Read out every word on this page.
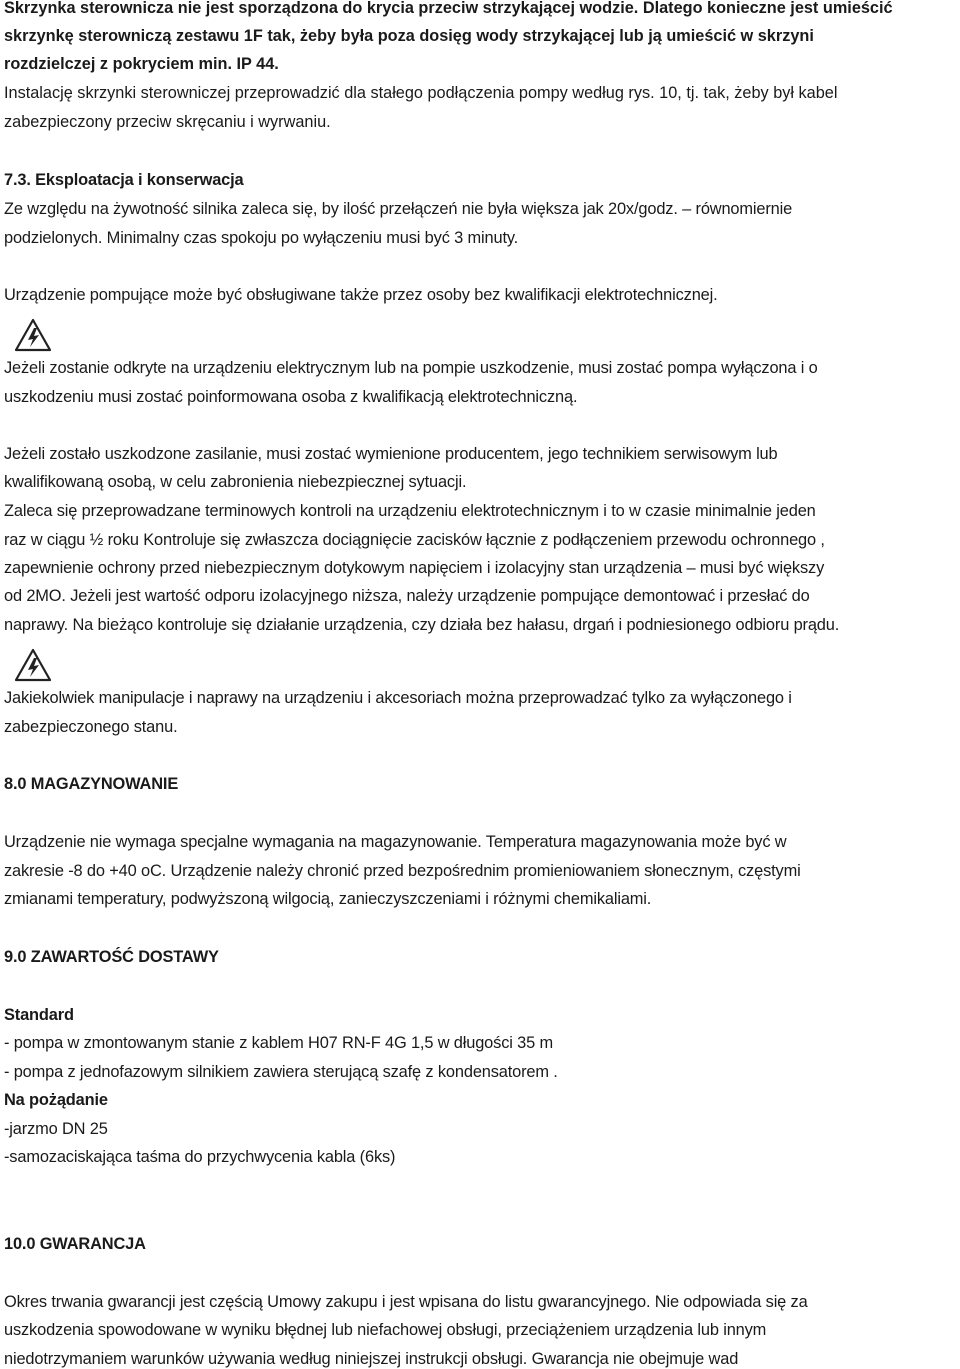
Skrzynka sterownicza nie jest sporządzona do krycia przeciw strzykającej wodzie. Dlatego konieczne jest umieścić
skrzynkę sterowniczą zestawu 1F tak, żeby była poza dosięg wody strzykającej lub ją umieścić w skrzyni
rozdzielczej z pokryciem min. IP 44.
Instalację skrzynki sterowniczej przeprowadzić dla stałego podłączenia pompy według rys. 10, tj. tak, żeby był kabel
zabezpieczony przeciw skręcaniu i wyrwaniu.
7.3. Eksploatacja i konserwacja
Ze względu na żywotność silnika zaleca się, by ilość przełączeń nie była większa jak 20x/godz. – równomiernie
podzielonych. Minimalny czas spokoju po wyłączeniu musi być 3 minuty.
Urządzenie pompujące może być obsługiwane także przez osoby bez kwalifikacji elektrotechnicznej.
Jeżeli zostanie odkryte na urządzeniu elektrycznym lub na pompie uszkodzenie, musi zostać pompa wyłączona i o
uszkodzeniu musi zostać poinformowana osoba z kwalifikacją elektrotechniczną.
Jeżeli zostało uszkodzone zasilanie, musi zostać wymienione producentem, jego technikiem serwisowym lub
kwalifikowaną osobą, w celu zabronienia niebezpiecznej sytuacji.
Zaleca się przeprowadzane terminowych kontroli na urządzeniu elektrotechnicznym i to w czasie minimalnie jeden
raz w ciągu ½ roku Kontroluje się zwłaszcza dociągnięcie zacisków łącznie z podłączeniem przewodu ochronnego ,
zapewnienie ochrony przed niebezpiecznym dotykowym napięciem i izolacyjny stan urządzenia – musi być większy
od 2MO. Jeżeli jest wartość odporu izolacyjnego niższa, należy urządzenie pompujące demontować i przesłać do
naprawy. Na bieżąco kontroluje się działanie urządzenia, czy działa bez hałasu, drgań i podniesionego odbioru prądu.
Jakiekolwiek manipulacje i naprawy na urządzeniu i akcesoriach można przeprowadzać tylko za wyłączonego i
zabezpieczonego stanu.
8.0 MAGAZYNOWANIE
Urządzenie nie wymaga specjalne wymagania na magazynowanie. Temperatura magazynowania może być w
zakresie -8 do +40 oC. Urządzenie należy chronić przed bezpośrednim promieniowaniem słonecznym, częstymi
zmianami temperatury, podwyższoną wilgocią, zanieczyszczeniami i różnymi chemikaliami.
9.0 ZAWARTOŚĆ DOSTAWY
Standard
- pompa w zmontowanym stanie z kablem H07 RN-F 4G 1,5 w długości 35 m
- pompa z jednofazowym silnikiem zawiera sterującą szafę z kondensatorem .
Na pożądanie
-jarzmo DN 25
-samozaciskająca taśma do przychwycenia kabla (6ks)
10.0 GWARANCJA
Okres trwania gwarancji jest częścią Umowy zakupu i jest wpisana do listu gwarancyjnego. Nie odpowiada się za
uszkodzenia spowodowane w wyniku błędnej lub niefachowej obsługi, przeciążeniem urządzenia lub innym
niedotrzymaniem warunków używania według niniejszej instrukcji obsługi. Gwarancja nie obejmuje wad
